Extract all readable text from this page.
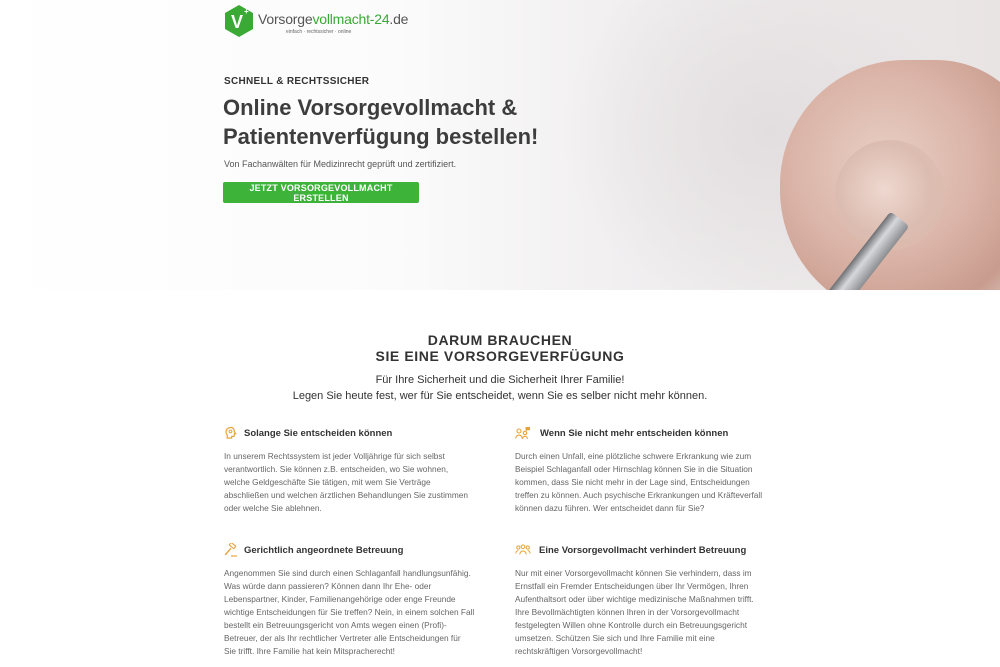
V
+ Vorsorgevollmacht-24.de
einfach · rechtssicher · online
SCHNELL & RECHTSSICHER
Online Vorsorgevollmacht &
Patientenverfügung bestellen!
Von Fachanwälten für Medizinrecht geprüft und zertifiziert.
JETZT VORSORGEVOLLMACHT ERSTELLEN
DARUM BRAUCHEN
SIE EINE VORSORGEVERFÜGUNG
Für Ihre Sicherheit und die Sicherheit Ihrer Familie!
Legen Sie heute fest, wer für Sie entscheidet, wenn Sie es selber nicht mehr können.
Solange Sie entscheiden können
In unserem Rechtssystem ist jeder Volljährige für sich selbst
verantwortlich. Sie können z.B. entscheiden, wo Sie wohnen,
welche Geldgeschäfte Sie tätigen, mit wem Sie Verträge
abschließen und welchen ärztlichen Behandlungen Sie zustimmen
oder welche Sie ablehnen.
Wenn Sie nicht mehr entscheiden können
Durch einen Unfall, eine plötzliche schwere Erkrankung wie zum
Beispiel Schlaganfall oder Hirnschlag können Sie in die Situation
kommen, dass Sie nicht mehr in der Lage sind, Entscheidungen
treffen zu können. Auch psychische Erkrankungen und Kräfteverfall
können dazu führen. Wer entscheidet dann für Sie?
Gerichtlich angeordnete Betreuung
Angenommen Sie sind durch einen Schlaganfall handlungsunfähig.
Was würde dann passieren? Können dann Ihr Ehe- oder
Lebenspartner, Kinder, Familienangehörige oder enge Freunde
wichtige Entscheidungen für Sie treffen? Nein, in einem solchen Fall
bestellt ein Betreuungsgericht von Amts wegen einen (Profi)-
Betreuer, der als Ihr rechtlicher Vertreter alle Entscheidungen für
Sie trifft. Ihre Familie hat kein Mitspracherecht!
Eine Vorsorgevollmacht verhindert Betreuung
Nur mit einer Vorsorgevollmacht können Sie verhindern, dass im
Ernstfall ein Fremder Entscheidungen über Ihr Vermögen, Ihren
Aufenthaltsort oder über wichtige medizinische Maßnahmen trifft.
Ihre Bevollmächtigten können Ihren in der Vorsorgevollmacht
festgelegten Willen ohne Kontrolle durch ein Betreuungsgericht
umsetzen. Schützen Sie sich und Ihre Familie mit eine
rechtskräftigen Vorsorgevollmacht!
